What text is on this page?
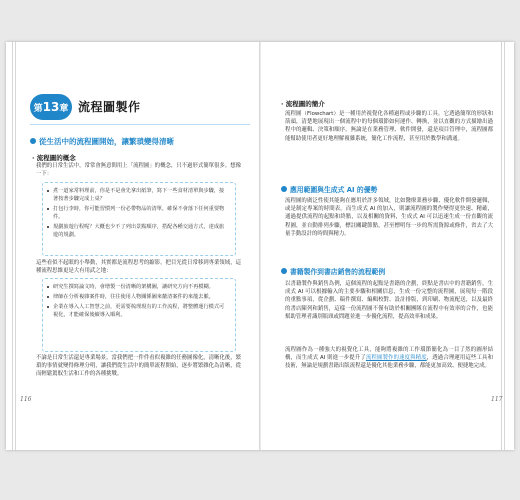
第13章 流程圖製作
從生活中的流程圖開始，讓繁瑣變得清晰
· 流程圖的概念
我們的日常生活中，常常會無意間用上「流程圖」的概念，只不過形式簡單很多。想像一下：
煮一道家常料理前，你是不是會先拿出紙筆，寫下一些食材清單與步驟，接著按著步驟完成上桌？
打包行李時，你可能習慣列一份必帶物品的清單，確保不會落下任何重要物件。
規劃旅遊行程呢？大概也少不了列出景點順序，搭配各種交通方式，達成旅遊的規劃。
這些看似不起眼的小舉動，其實都是流程思考的縮影。把目光從日常移到專業領域，這種流程思維更是大有用武之地：
研究生撰寫論文時，會增製一份清晰的架構圖，讓研究方向不再模糊。
律師在分析複雜案件時，往往使用人物關係圖來釐清案件的來龍去脈。
企業在導入人工智慧之前，更需要梳理現有的工作流程，將整體運行模式可視化，才能確保後續導入順利。
不論是日常生活還是專業場景，當我們把一件件看似複雜的任務圖像化，清晰化後，繁瑣的事情就變得條理分明，讓我們從生活中的簡單流程開始，逐步將繁雜化為清晰，從而輕鬆駕馭生活和工作的各種挑戰。
116
· 流程圖的簡介
流程圖（Flowchart）是一種用於視覺化各種過程或步驟的工具。它透過簡單的形狀和箭頭，清楚地展現出一個流程中的每個環節如何運作、轉換，並以直觀的方式描繪出過程中的邏輯、決策和順序。無論是在業務管理、軟件開發，還是項目管理中，流程圖都能幫助使用者更好地理解複雜系統，簡化工作流程，甚至用於教學和溝通。
應用範圍與生成式 AI 的優勢
流程圖的廣泛性使其能夠在應用於許多領域，比如醫療業務步驟、優化軟件開發邏輯，或是制定專案的時間表。而生成式 AI 的加入，則讓流程圖的製作變得更快速、精確，通過提供流程的起點和終點，以及相關的資料，生成式 AI 可以迅速生成一份直觀的流程圖，並自動排列步驟，標註關鍵節點，甚至標明每一步的所需資源或條件，省去了大量手動設計的時間與精力。
書籍製作到書店銷售的流程範例
以書籍製作與銷售為例，這個流程的起點是書籍的企劃，終點是書店中的書籍銷售，生成式 AI 可以根據輸入的主要步驟和相關信息，生成一份完整的流程圖，展現每一階段的重點事項，從企劃、稿件撰寫、編輯校對、設計排版，到印刷、物流配送，以及最終的書店陳列和銷售，這樣一份流程圖不僅有助於相關團隊在流程中有效率的合作，也能幫助管理者識別瓶頸或問題並進一步優化流程，提高效率和成果。
流程圖作為一種強大的視覺化工具，能夠將複雜的工作環節簡化為一目了然的圖形結構，而生成式 AI 則進一步提升了流程圖製作的速度與精度，透過合理運用這些工具和技術，無論是規劃書籍出版流程還是優化其他業務步驟，都能更加高效、便捷地完成。
117
